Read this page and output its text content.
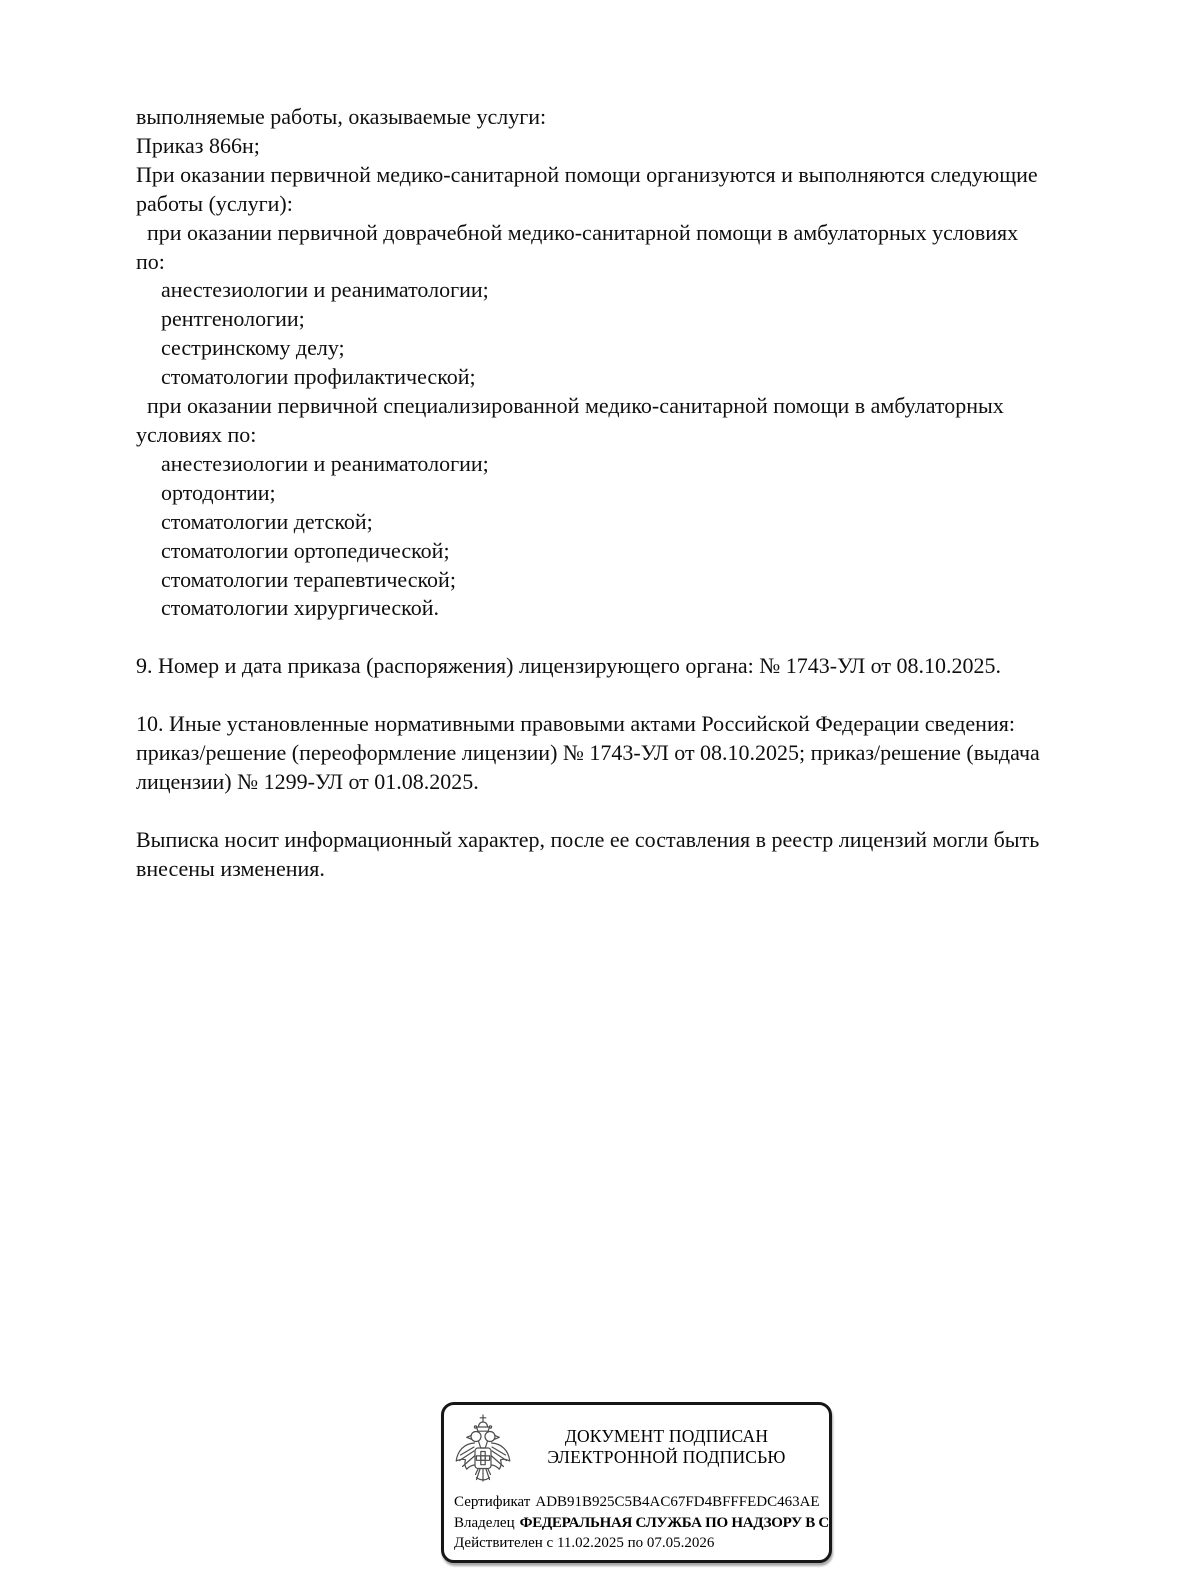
выполняемые работы, оказываемые услуги:
Приказ 866н;
При оказании первичной медико-санитарной помощи организуются и выполняются следующие
работы (услуги):
при оказании первичной доврачебной медико-санитарной помощи в амбулаторных условиях
по:
анестезиологии и реаниматологии;
рентгенологии;
сестринскому делу;
стоматологии профилактической;
при оказании первичной специализированной медико-санитарной помощи в амбулаторных
условиях по:
анестезиологии и реаниматологии;
ортодонтии;
стоматологии детской;
стоматологии ортопедической;
стоматологии терапевтической;
стоматологии хирургической.
9. Номер и дата приказа (распоряжения) лицензирующего органа: № 1743-УЛ от 08.10.2025.
10. Иные установленные нормативными правовыми актами Российской Федерации сведения:
приказ/решение (переоформление лицензии) № 1743-УЛ от 08.10.2025; приказ/решение (выдача
лицензии) № 1299-УЛ от 01.08.2025.
Выписка носит информационный характер, после ее составления в реестр лицензий могли быть
внесены изменения.
ДОКУМЕНТ ПОДПИСАН
ЭЛЕКТРОННОЙ ПОДПИСЬЮ
Сертификат ADB91B925C5B4AC67FD4BFFFEDC463AE
Владелец ФЕДЕРАЛЬНАЯ СЛУЖБА ПО НАДЗОРУ В С
Действителен с 11.02.2025 по 07.05.2026
